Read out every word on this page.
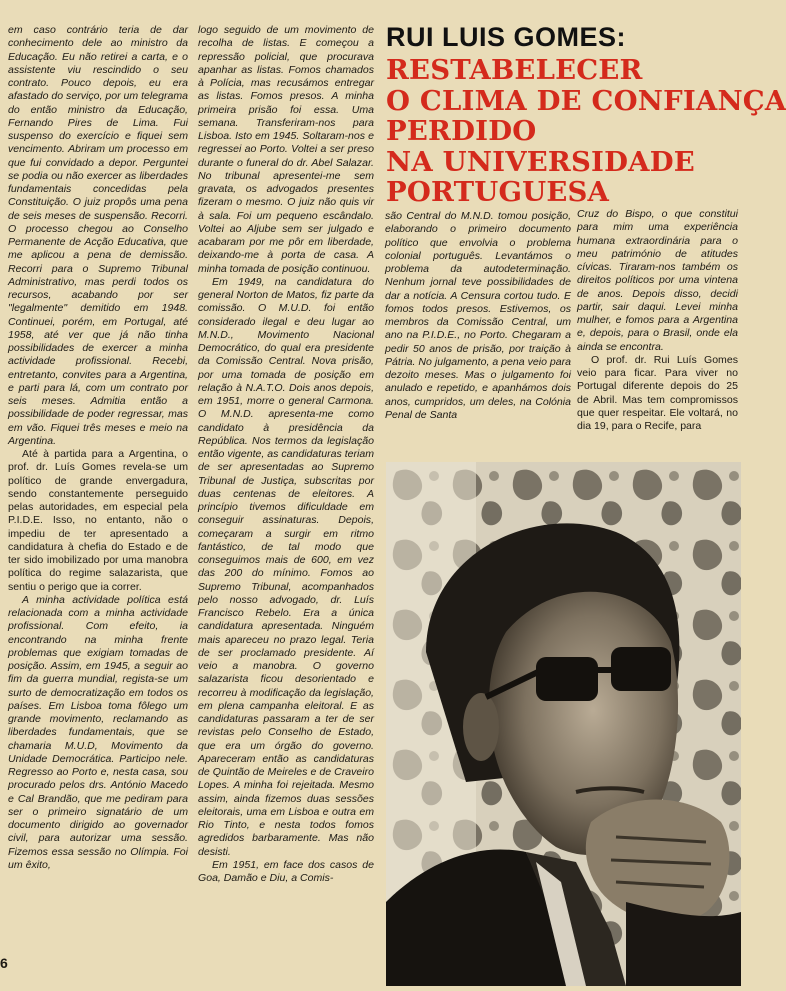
em caso contrário teria de dar conhecimento dele ao ministro da Educação. Eu não retirei a carta, e o assistente viu rescindido o seu contrato. Pouco depois, eu era afastado do serviço, por um telegrama do então ministro da Educação, Fernando Pires de Lima. Fui suspenso do exercício e fiquei sem vencimento. Abriram um processo em que fui convidado a depor. Perguntei se podia ou não exercer as liberdades fundamentais concedidas pela Constituição. O juiz propôs uma pena de seis meses de suspensão. Recorri. O processo chegou ao Conselho Permanente de Acção Educativa, que me aplicou a pena de demissão. Recorri para o Supremo Tribunal Administrativo, mas perdi todos os recursos, acabando por ser "legalmente" demitido em 1948. Continuei, porém, em Portugal, até 1958, até ver que já não tinha possibilidades de exercer a minha actividade profissional. Recebi, entretanto, convites para a Argentina, e parti para lá, com um contrato por seis meses. Admitia então a possibilidade de poder regressar, mas em vão. Fiquei três meses e meio na Argentina.

Até à partida para a Argentina, o prof. dr. Luís Gomes revela-se um político de grande envergadura, sendo constantemente perseguido pelas autoridades, em especial pela P.I.D.E. Isso, no entanto, não o impediu de ter apresentado a candidatura à chefia do Estado e de ter sido imobilizado por uma manobra política do regime salazarista, que sentiu o perigo que ia correr.

A minha actividade política está relacionada com a minha actividade profissional. Com efeito, ia encontrando na minha frente problemas que exigiam tomadas de posição. Assim, em 1945, a seguir ao fim da guerra mundial, regista-se um surto de democratização em todos os países. Em Lisboa toma fôlego um grande movimento, reclamando as liberdades fundamentais, que se chamaria M.U.D, Movimento da Unidade Democrática. Participo nele. Regresso ao Porto e, nesta casa, sou procurado pelos drs. António Macedo e Cal Brandão, que me pediram para ser o primeiro signatário de um documento dirigido ao governador civil, para autorizar uma sessão. Fizemos essa sessão no Olímpia. Foi um êxito,

logo seguido de um movimento de recolha de listas. E começou a repressão policial, que procurava apanhar as listas. Fomos chamados à Polícia, mas recusámos entregar as listas. Fomos presos. A minha primeira prisão foi essa. Uma semana. Transferiram-nos para Lisboa. Isto em 1945. Soltaram-nos e regressei ao Porto. Voltei a ser preso durante o funeral do dr. Abel Salazar. No tribunal apresentei-me sem gravata, os advogados presentes fizeram o mesmo. O juiz não quis vir à sala. Foi um pequeno escândalo. Voltei ao Aljube sem ser julgado e acabaram por me pôr em liberdade, deixando-me à porta de casa. A minha tomada de posição continuou.

Em 1949, na candidatura do general Norton de Matos, fiz parte da comissão. O M.U.D. foi então considerado ilegal e deu lugar ao M.N.D., Movimento Nacional Democrático, do qual era presidente da Comissão Central. Nova prisão, por uma tomada de posição em relação à N.A.T.O. Dois anos depois, em 1951, morre o general Carmona. O M.N.D. apresenta-me como candidato à presidência da República. Nos termos da legislação então vigente, as candidaturas teriam de ser apresentadas ao Supremo Tribunal de Justiça, subscritas por duas centenas de eleitores. A princípio tivemos dificuldade em conseguir assinaturas. Depois, começaram a surgir em ritmo fantástico, de tal modo que conseguimos mais de 600, em vez das 200 do mínimo. Fomos ao Supremo Tribunal, acompanhados pelo nosso advogado, dr. Luís Francisco Rebelo. Era a única candidatura apresentada. Ninguém mais apareceu no prazo legal. Teria de ser proclamado presidente. Aí veio a manobra. O governo salazarista ficou desorientado e recorreu à modificação da legislação, em plena campanha eleitoral. E as candidaturas passaram a ter de ser revistas pelo Conselho de Estado, que era um órgão do governo. Apareceram então as candidaturas de Quintão de Meireles e de Craveiro Lopes. A minha foi rejeitada. Mesmo assim, ainda fizemos duas sessões eleitorais, uma em Lisboa e outra em Rio Tinto, e nesta todos fomos agredidos barbaramente. Mas não desisti.

Em 1951, em face dos casos de Goa, Damão e Diu, a Comis-

RUI LUIS GOMES:
RESTABELECER
O CLIMA DE CONFIANÇA
PERDIDO
NA UNIVERSIDADE
PORTUGUESA

são Central do M.N.D. tomou posição, elaborando o primeiro documento político que envolvia o problema colonial português. Levantámos o problema da autodeterminação. Nenhum jornal teve possibilidades de dar a notícia. A Censura cortou tudo. E fomos todos presos. Estivemos, os membros da Comissão Central, um ano na P.I.D.E., no Porto. Chegaram a pedir 50 anos de prisão, por traição à Pátria. No julgamento, a pena veio para dezoito meses. Mas o julgamento foi anulado e repetido, e apanhámos dois anos, cumpridos, um deles, na Colónia Penal de Santa

Cruz do Bispo, o que constitui para mim uma experiência humana extraordinária para o meu património de atitudes cívicas. Tiraram-nos também os direitos políticos por uma vintena de anos. Depois disso, decidi partir, sair daqui. Levei minha mulher, e fomos para a Argentina e, depois, para o Brasil, onde ela ainda se encontra.

O prof. dr. Rui Luís Gomes veio para ficar. Para viver no Portugal diferente depois do 25 de Abril. Mas tem compromissos que quer respeitar. Ele voltará, no dia 19, para o Recife, para

6
